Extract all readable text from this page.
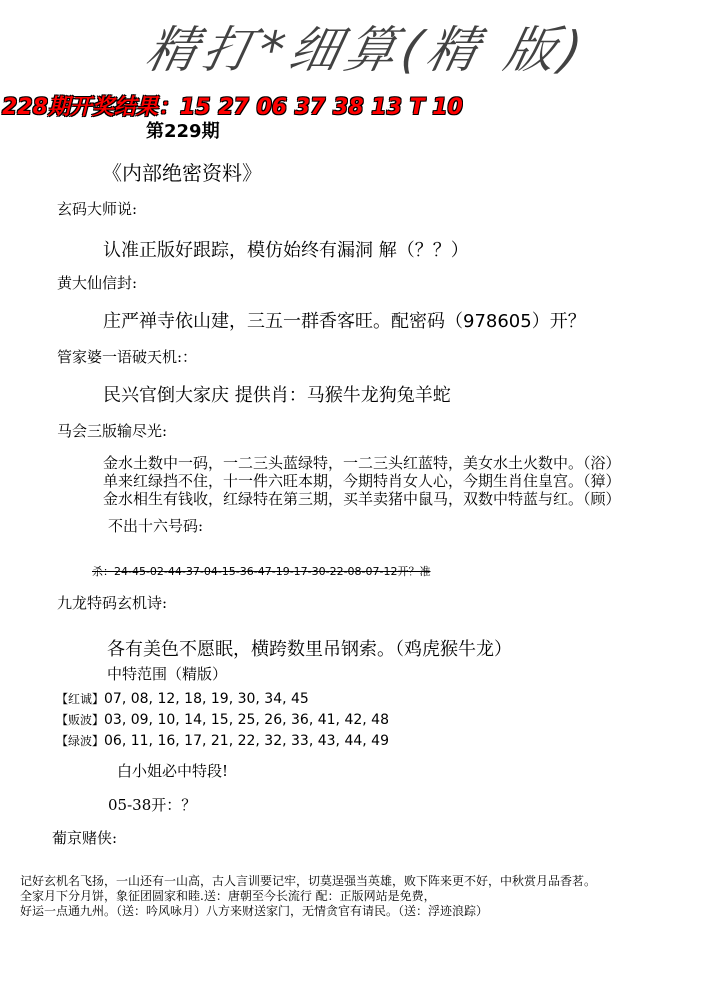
精打*细算(精 版)
228期开奖结果：15 27 06 37 38 13 T 10
第229期
《内部绝密资料》
玄码大师说:
认准正版好跟踪，模仿始终有漏洞 解（？？）
黄大仙信封:
庄严禅寺依山建，三五一群香客旺。配密码（978605）开？
管家婆一语破天机:：
民兴官倒大家庆 提供肖：马猴牛龙狗兔羊蛇
马会三版输尽光:
金水土数中一码，一二三头蓝绿特，一二三头红蓝特，美女水土火数中。（浴）
单来红绿挡不住，十一件六旺本期，今期特肖女人心，今期生肖住皇宫。（獐）
金水相生有钱收，红绿特在第三期，买羊卖猪中鼠马，双数中特蓝与红。（顾）
不出十六号码:
杀：24-45-02-44-37-04-15-36-47-19-17-30-22-08-07-12开？准
九龙特码玄机诗:
各有美色不愿眠，横跨数里吊钢索。（鸡虎猴牛龙）
中特范围（精版）
【红诚】07, 08, 12, 18, 19, 30, 34, 45
【贩波】03, 09, 10, 14, 15, 25, 26, 36, 41, 42, 48
【绿波】06, 11, 16, 17, 21, 22, 32, 33, 43, 44, 49
白小姐必中特段!
05-38开：？
葡京赌侠:
记好玄机名飞扬，一山还有一山高，古人言训要记牢，切莫逞强当英雄，败下阵来更不好，中秋赏月品香茗。
全家月下分月饼，象征团圆家和睦.送：唐朝至今长流行 配：正版网站是免费，
好运一点通九州。（送：吟风咏月）八方来财送家门，无情贪官有请民。（送：浮迹浪踪）
